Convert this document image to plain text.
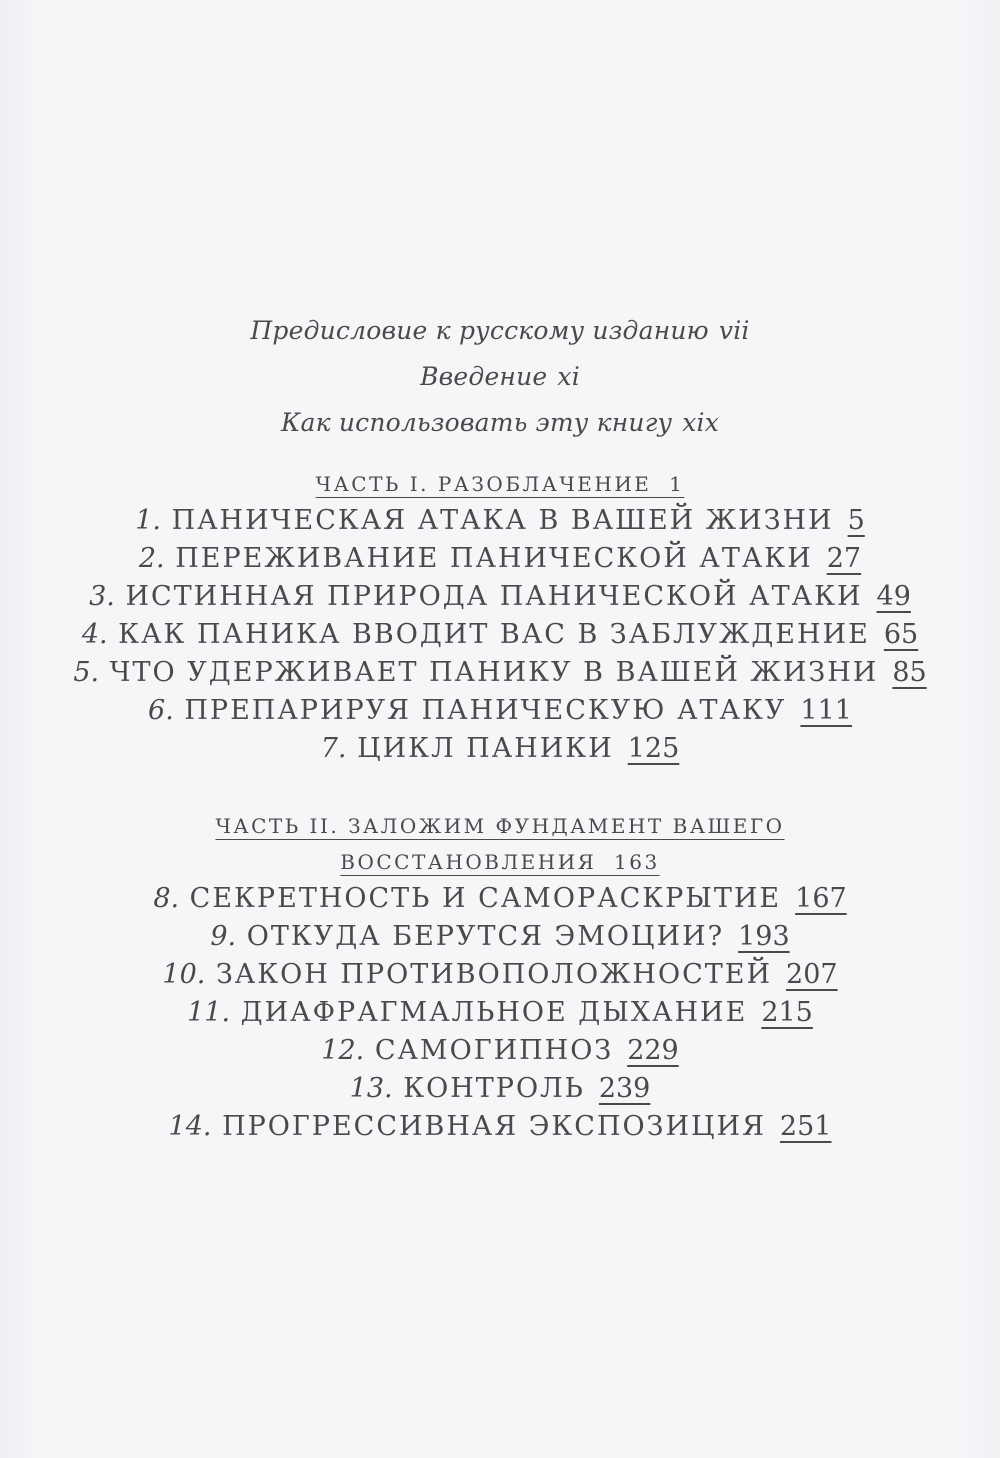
Предисловие к русскому изданию vii
Введение xi
Как использовать эту книгу xix
ЧАСТЬ I. РАЗОБЛАЧЕНИЕ 1
1. ПАНИЧЕСКАЯ АТАКА В ВАШЕЙ ЖИЗНИ 5
2. ПЕРЕЖИВАНИЕ ПАНИЧЕСКОЙ АТАКИ 27
3. ИСТИННАЯ ПРИРОДА ПАНИЧЕСКОЙ АТАКИ 49
4. КАК ПАНИКА ВВОДИТ ВАС В ЗАБЛУЖДЕНИЕ 65
5. ЧТО УДЕРЖИВАЕТ ПАНИКУ В ВАШЕЙ ЖИЗНИ 85
6. ПРЕПАРИРУЯ ПАНИЧЕСКУЮ АТАКУ 111
7. ЦИКЛ ПАНИКИ 125
ЧАСТЬ II. ЗАЛОЖИМ ФУНДАМЕНТ ВАШЕГО
ВОССТАНОВЛЕНИЯ 163
8. СЕКРЕТНОСТЬ И САМОРАСКРЫТИЕ 167
9. ОТКУДА БЕРУТСЯ ЭМОЦИИ? 193
10. ЗАКОН ПРОТИВОПОЛОЖНОСТЕЙ 207
11. ДИАФРАГМАЛЬНОЕ ДЫХАНИЕ 215
12. САМОГИПНОЗ 229
13. КОНТРОЛЬ 239
14. ПРОГРЕССИВНАЯ ЭКСПОЗИЦИЯ 251
